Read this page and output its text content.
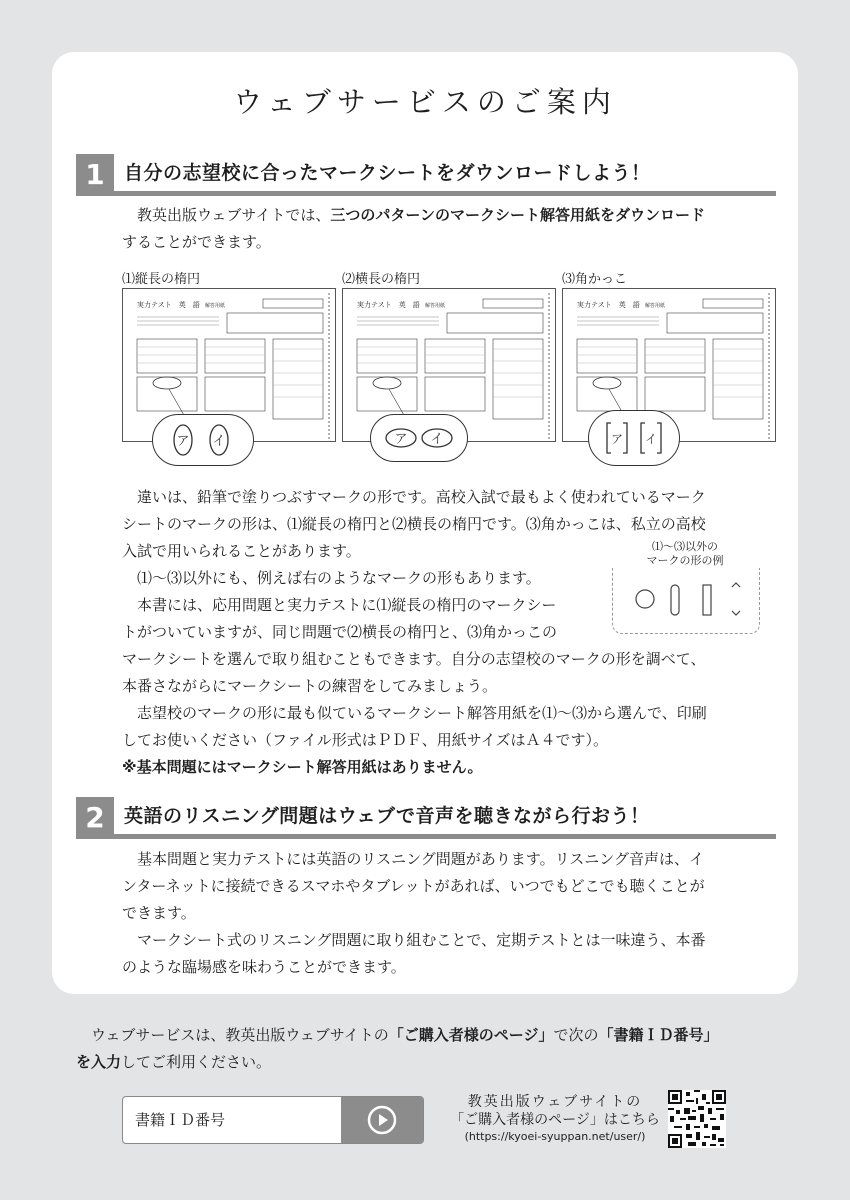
ウェブサービスのご案内
1	自分の志望校に合ったマークシートをダウンロードしよう！
　教英出版ウェブサイトでは、三つのパターンのマークシート解答用紙をダウンロード
することができます。
⑴縦長の楕円	⑵横長の楕円	⑶角かっこ
実力テスト　英　語 解答用紙
ア イ
実力テスト　英　語 解答用紙
ア イ
実力テスト　英　語 解答用紙
ア イ
　違いは、鉛筆で塗りつぶすマークの形です。高校入試で最もよく使われているマーク
シートのマークの形は、⑴縦長の楕円と⑵横長の楕円です。⑶角かっこは、私立の高校
入試で用いられることがあります。
　⑴〜⑶以外にも、例えば右のようなマークの形もあります。
　本書には、応用問題と実力テストに⑴縦長の楕円のマークシー
トがついていますが、同じ問題で⑵横長の楕円と、⑶角かっこの
マークシートを選んで取り組むこともできます。自分の志望校のマークの形を調べて、
本番さながらにマークシートの練習をしてみましょう。
　志望校のマークの形に最も似ているマークシート解答用紙を⑴〜⑶から選んで、印刷
してお使いください（ファイル形式はＰＤＦ、用紙サイズはＡ４です）。
※基本問題にはマークシート解答用紙はありません。
⑴〜⑶以外の
マークの形の例
2	英語のリスニング問題はウェブで音声を聴きながら行おう！
　基本問題と実力テストには英語のリスニング問題があります。リスニング音声は、イ
ンターネットに接続できるスマホやタブレットがあれば、いつでもどこでも聴くことが
できます。
　マークシート式のリスニング問題に取り組むことで、定期テストとは一味違う、本番
のような臨場感を味わうことができます。
　ウェブサービスは、教英出版ウェブサイトの「ご購入者様のページ」で次の「書籍ＩＤ番号」
を入力してご利用ください。
書籍ＩＤ番号
教英出版ウェブサイトの
「ご購入者様のページ」はこちら
(https://kyoei-syuppan.net/user/)
